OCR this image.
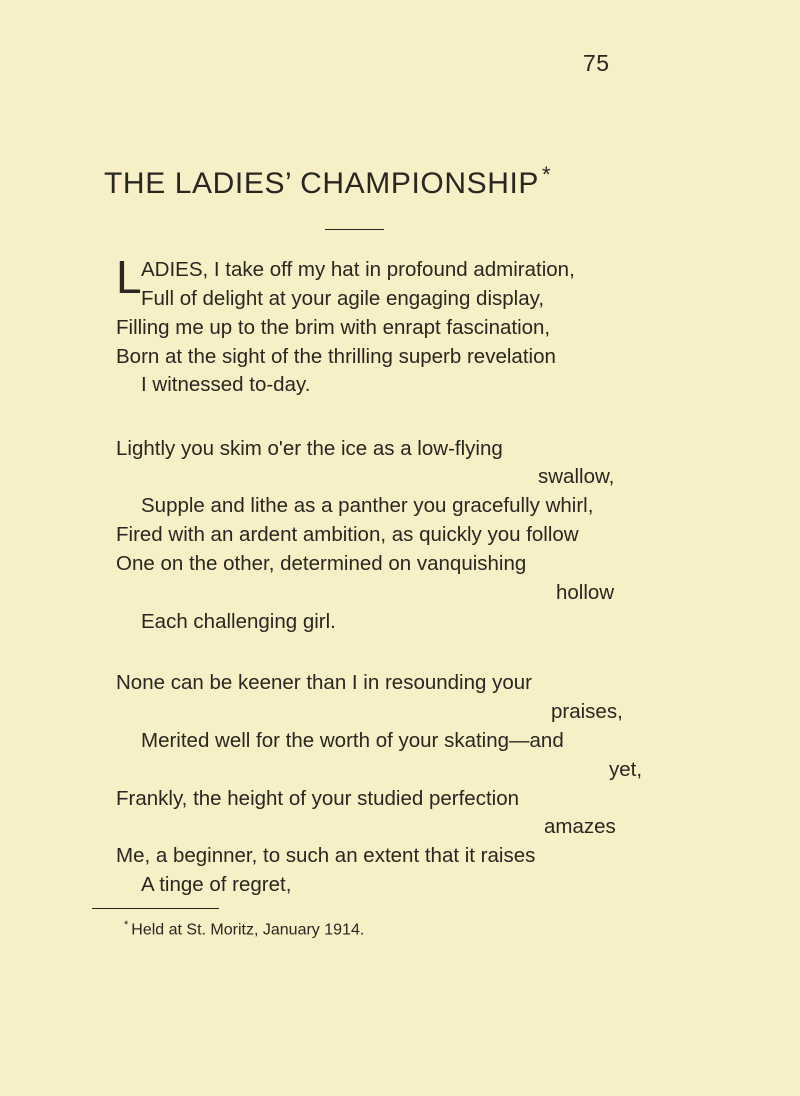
75
THE LADIES’ CHAMPIONSHIP *
L ADIES, I take off my hat in profound admiration,
Full of delight at your agile engaging display,
Filling me up to the brim with enrapt fascination,
Born at the sight of the thrilling superb revelation
I witnessed to-day.
Lightly you skim o'er the ice as a low-flying
swallow,
Supple and lithe as a panther you gracefully whirl,
Fired with an ardent ambition, as quickly you follow
One on the other, determined on vanquishing
hollow
Each challenging girl.
None can be keener than I in resounding your
praises,
Merited well for the worth of your skating—and
yet,
Frankly, the height of your studied perfection
amazes
Me, a beginner, to such an extent that it raises
A tinge of regret,
* Held at St. Moritz, January 1914.
